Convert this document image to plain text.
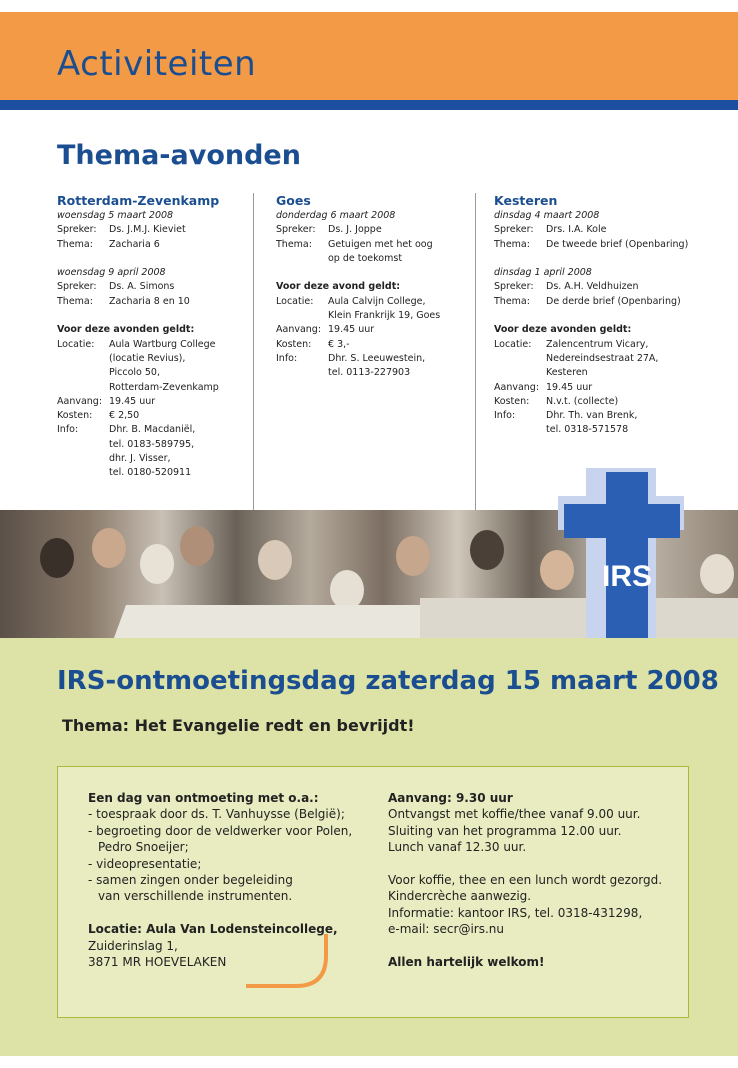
Activiteiten
Thema-avonden
Rotterdam-Zevenkamp
woensdag 5 maart 2008
Spreker:	Ds. J.M.J. Kieviet
Thema:	Zacharia 6
woensdag 9 april 2008
Spreker:	Ds. A. Simons
Thema:	Zacharia 8 en 10
Voor deze avonden geldt:
Locatie:	Aula Wartburg College
(locatie Revius),
Piccolo 50,
Rotterdam-Zevenkamp
Aanvang: 19.45 uur
Kosten:	€ 2,50
Info:	Dhr. B. Macdaniël,
tel. 0183-589795,
dhr. J. Visser,
tel. 0180-520911
Goes
donderdag 6 maart 2008
Spreker:	Ds. J. Joppe
Thema:	Getuigen met het oog
op de toekomst
Voor deze avond geldt:
Locatie:	Aula Calvijn College,
Klein Frankrijk 19, Goes
Aanvang: 19.45 uur
Kosten:	€ 3,-
Info:	Dhr. S. Leeuwestein,
tel. 0113-227903
Kesteren
dinsdag 4 maart 2008
Spreker:	Drs. I.A. Kole
Thema:	De tweede brief (Openbaring)
dinsdag 1 april 2008
Spreker:	Ds. A.H. Veldhuizen
Thema:	De derde brief (Openbaring)
Voor deze avonden geldt:
Locatie:	Zalencentrum Vicary,
Nedereindsestraat 27A,
Kesteren
Aanvang: 19.45 uur
Kosten:	N.v.t. (collecte)
Info:	Dhr. Th. van Brenk,
tel. 0318-571578
IRS
IRS-ontmoetingsdag zaterdag 15 maart 2008
Thema: Het Evangelie redt en bevrijdt!
Een dag van ontmoeting met o.a.:
- toespraak door ds. T. Vanhuysse (België);
- begroeting door de veldwerker voor Polen,
Pedro Snoeijer;
- videopresentatie;
- samen zingen onder begeleiding
van verschillende instrumenten.
Locatie: Aula Van Lodensteincollege,
Zuiderinslag 1,
3871 MR HOEVELAKEN
Aanvang: 9.30 uur
Ontvangst met koffie/thee vanaf 9.00 uur.
Sluiting van het programma 12.00 uur.
Lunch vanaf 12.30 uur.
Voor koffie, thee en een lunch wordt gezorgd.
Kindercrèche aanwezig.
Informatie: kantoor IRS, tel. 0318-431298,
e-mail: secr@irs.nu
Allen hartelijk welkom!
